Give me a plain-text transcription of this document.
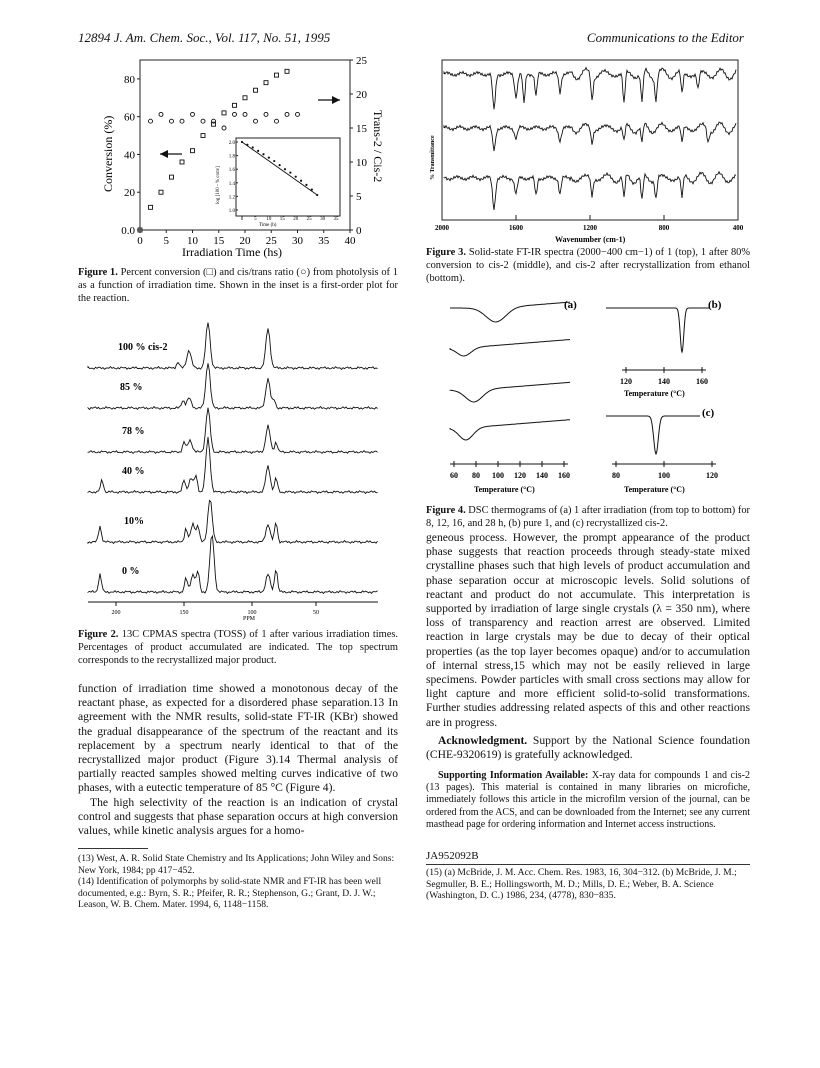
12894 J. Am. Chem. Soc., Vol. 117, No. 51, 1995	Communications to the Editor
0 5 10 15 20 25 30 35 40
0.0
20
40
60
80
0
5
10
15
20
25
1.0
1.2
1.4
1.6
1.8
2.0
0 5 10 15 20 25 30 35
Time (h)
log [100 - % conv]
Conversion (%)	Trans-2 / Cis-2
Irradiation Time (hs)
Figure 1. Percent conversion (□) and cis/trans ratio (○) from photolysis of 1 as a function of irradiation time. Shown in the inset is a first-order plot for the reaction.
100 % cis-2
85 %
78 %
40 %
10%
0 %
200	150	100	50
PPM
Figure 2. 13C CPMAS spectra (TOSS) of 1 after various irradiation times. Percentages of product accumulated are indicated. The top spectrum corresponds to the recrystallized major product.
function of irradiation time showed a monotonous decay of the reactant phase, as expected for a disordered phase separation.13 In agreement with the NMR results, solid-state FT-IR (KBr) showed the gradual disappearance of the spectrum of the reactant and its replacement by a spectrum nearly identical to that of the recrystallized major product (Figure 3).14 Thermal analysis of partially reacted samples showed melting curves indicative of two phases, with a eutectic temperature of 85 °C (Figure 4).
The high selectivity of the reaction is an indication of crystal control and suggests that phase separation occurs at high conversion values, while kinetic analysis argues for a homo-
(13) West, A. R. Solid State Chemistry and Its Applications; John Wiley and Sons: New York, 1984; pp 417−452.
(14) Identification of polymorphs by solid-state NMR and FT-IR has been well documented, e.g.: Byrn, S. R.; Pfeifer, R. R.; Stephenson, G.; Grant, D. J. W.; Leason, W. B. Chem. Mater. 1994, 6, 1148−1158.
2000	1600	1200	800	400
% Transmittance
Wavenumber (cm-1)
Figure 3. Solid-state FT-IR spectra (2000−400 cm−1) of 1 (top), 1 after 80% conversion to cis-2 (middle), and cis-2 after recrystallization from ethanol (bottom).
(a)	(b)
(c)
60 80 100 120 140 160
120	140	160
80	100	120
Temperature (°C)
Temperature (°C)
Temperature (°C)
Figure 4. DSC thermograms of (a) 1 after irradiation (from top to bottom) for 8, 12, 16, and 28 h, (b) pure 1, and (c) recrystallized cis-2.
geneous process. However, the prompt appearance of the product phase suggests that reaction proceeds through steady-state mixed crystalline phases such that high levels of product accumulation and phase separation occur at microscopic levels. Solid solutions of reactant and product do not accumulate. This interpretation is supported by irradiation of large single crystals (λ = 350 nm), where loss of transparency and reaction arrest are observed. Limited reaction in large crystals may be due to decay of their optical properties (as the top layer becomes opaque) and/or to accumulation of internal stress,15 which may not be easily relieved in large specimens. Powder particles with small cross sections may allow for light capture and more efficient solid-to-solid transformations. Further studies addressing related aspects of this and other reactions are in progress.
Acknowledgment. Support by the National Science foundation (CHE-9320619) is gratefully acknowledged.
Supporting Information Available: X-ray data for compounds 1 and cis-2 (13 pages). This material is contained in many libraries on microfiche, immediately follows this article in the microfilm version of the journal, can be ordered from the ACS, and can be downloaded from the Internet; see any current masthead page for ordering information and Internet access instructions.
JA952092B
(15) (a) McBride, J. M. Acc. Chem. Res. 1983, 16, 304−312. (b) McBride, J. M.; Segmuller, B. E.; Hollingsworth, M. D.; Mills, D. E.; Weber, B. A. Science (Washington, D. C.) 1986, 234, (4778), 830−835.
